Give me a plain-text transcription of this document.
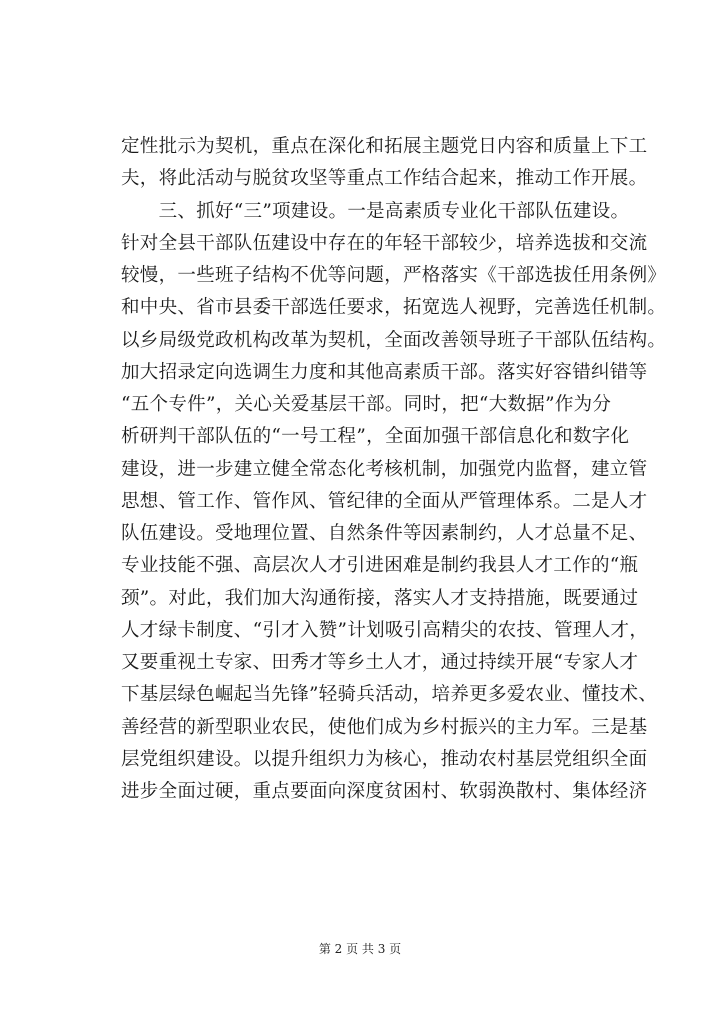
定性批示为契机，重点在深化和拓展主题党日内容和质量上下工
夫，将此活动与脱贫攻坚等重点工作结合起来，推动工作开展。
　　三、抓好“三”项建设。一是高素质专业化干部队伍建设。
针对全县干部队伍建设中存在的年轻干部较少，培养选拔和交流
较慢，一些班子结构不优等问题，严格落实《干部选拔任用条例》
和中央、省市县委干部选任要求，拓宽选人视野，完善选任机制。
以乡局级党政机构改革为契机，全面改善领导班子干部队伍结构。
加大招录定向选调生力度和其他高素质干部。落实好容错纠错等
“五个专件”，关心关爱基层干部。同时，把“大数据”作为分
析研判干部队伍的“一号工程”，全面加强干部信息化和数字化
建设，进一步建立健全常态化考核机制，加强党内监督，建立管
思想、管工作、管作风、管纪律的全面从严管理体系。二是人才
队伍建设。受地理位置、自然条件等因素制约，人才总量不足、
专业技能不强、高层次人才引进困难是制约我县人才工作的“瓶
颈”。对此，我们加大沟通衔接，落实人才支持措施，既要通过
人才绿卡制度、“引才入赞”计划吸引高精尖的农技、管理人才，
又要重视土专家、田秀才等乡土人才，通过持续开展“专家人才
下基层绿色崛起当先锋”轻骑兵活动，培养更多爱农业、懂技术、
善经营的新型职业农民，使他们成为乡村振兴的主力军。三是基
层党组织建设。以提升组织力为核心，推动农村基层党组织全面
进步全面过硬，重点要面向深度贫困村、软弱涣散村、集体经济
第 2 页 共 3 页
